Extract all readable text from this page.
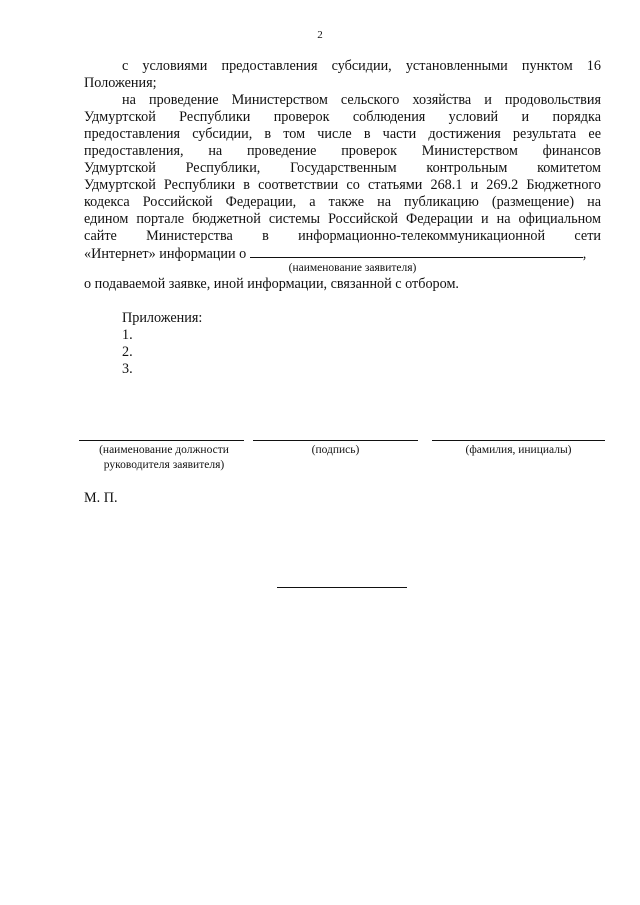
2
с условиями предоставления субсидии, установленными пунктом 16
Положения;
на проведение Министерством сельского хозяйства и продовольствия
Удмуртской Республики проверок соблюдения условий и порядка
предоставления субсидии, в том числе в части достижения результата ее
предоставления, на проведение проверок Министерством финансов
Удмуртской Республики, Государственным контрольным комитетом
Удмуртской Республики в соответствии со статьями 268.1 и 269.2 Бюджетного
кодекса Российской Федерации, а также на публикацию (размещение) на
едином портале бюджетной системы Российской Федерации и на официальном
сайте Министерства в информационно-телекоммуникационной сети
«Интернет» информации о	,
(наименование заявителя)
о подаваемой заявке, иной информации, связанной с отбором.
Приложения:
1.
2.
3.
(наименование должности
руководителя заявителя)
(подпись)	(фамилия, инициалы)
М. П.
